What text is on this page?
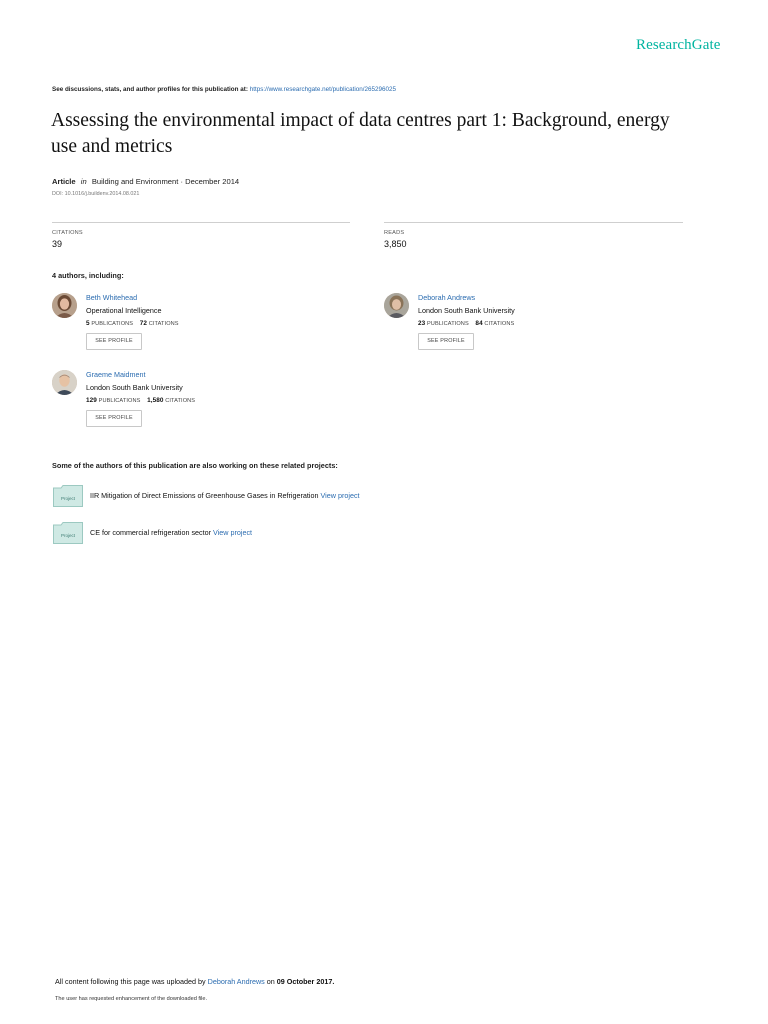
ResearchGate
See discussions, stats, and author profiles for this publication at: https://www.researchgate.net/publication/265296025
Assessing the environmental impact of data centres part 1: Background, energy use and metrics
Article in Building and Environment · December 2014
DOI: 10.1016/j.buildenv.2014.08.021
CITATIONS
39
READS
3,850
4 authors, including:
Beth Whitehead
Operational Intelligence
5 PUBLICATIONS 72 CITATIONS
SEE PROFILE
Deborah Andrews
London South Bank University
23 PUBLICATIONS 84 CITATIONS
SEE PROFILE
Graeme Maidment
London South Bank University
129 PUBLICATIONS 1,580 CITATIONS
SEE PROFILE
Some of the authors of this publication are also working on these related projects:
Project IIR Mitigation of Direct Emissions of Greenhouse Gases in Refrigeration View project
Project CE for commercial refrigeration sector View project
All content following this page was uploaded by Deborah Andrews on 09 October 2017.
The user has requested enhancement of the downloaded file.
